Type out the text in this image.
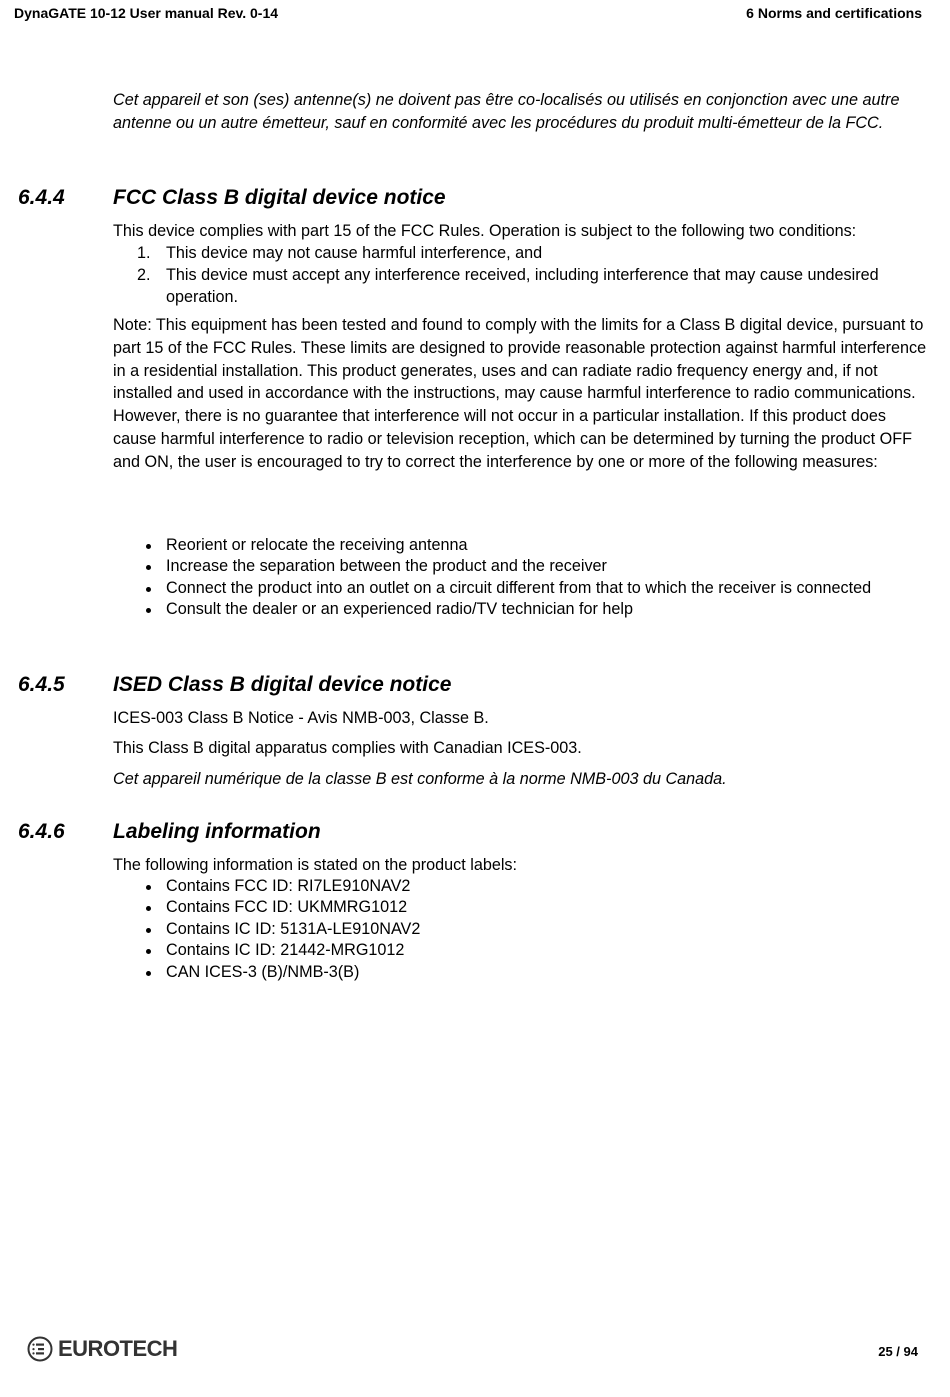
DynaGATE 10-12 User manual Rev. 0-14	6 Norms and certifications
Cet appareil et son (ses) antenne(s) ne doivent pas être co-localisés ou utilisés en conjonction avec une autre antenne ou un autre émetteur, sauf en conformité avec les procédures du produit multi-émetteur de la FCC.
6.4.4 FCC Class B digital device notice
This device complies with part 15 of the FCC Rules. Operation is subject to the following two conditions:
1. This device may not cause harmful interference, and
2. This device must accept any interference received, including interference that may cause undesired operation.
Note: This equipment has been tested and found to comply with the limits for a Class B digital device, pursuant to part 15 of the FCC Rules. These limits are designed to provide reasonable protection against harmful interference in a residential installation. This product generates, uses and can radiate radio frequency energy and, if not installed and used in accordance with the instructions, may cause harmful interference to radio communications. However, there is no guarantee that interference will not occur in a particular installation. If this product does cause harmful interference to radio or television reception, which can be determined by turning the product OFF and ON, the user is encouraged to try to correct the interference by one or more of the following measures:
Reorient or relocate the receiving antenna
Increase the separation between the product and the receiver
Connect the product into an outlet on a circuit different from that to which the receiver is connected
Consult the dealer or an experienced radio/TV technician for help
6.4.5 ISED Class B digital device notice
ICES-003 Class B Notice - Avis NMB-003, Classe B.
This Class B digital apparatus complies with Canadian ICES-003.
Cet appareil numérique de la classe B est conforme à la norme NMB-003 du Canada.
6.4.6 Labeling information
The following information is stated on the product labels:
Contains FCC ID: RI7LE910NAV2
Contains FCC ID: UKMMRG1012
Contains IC ID: 5131A-LE910NAV2
Contains IC ID: 21442-MRG1012
CAN ICES-3 (B)/NMB-3(B)
EUROTECH	25 / 94
